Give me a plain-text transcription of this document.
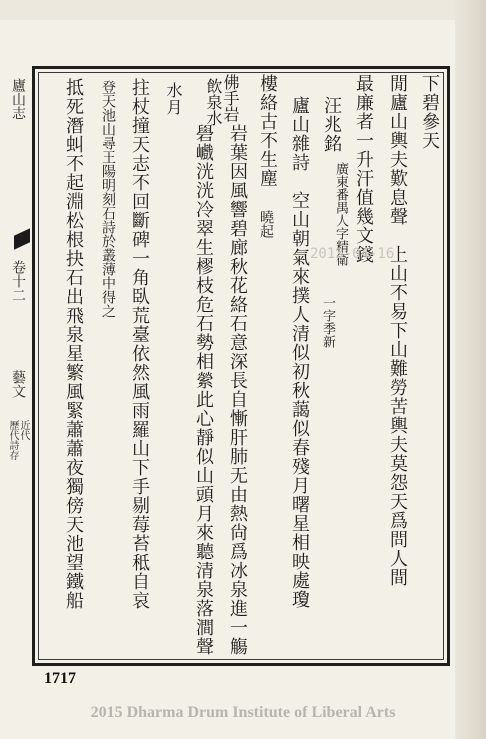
廬山志
卷十二
藝文
歷代詩存 近代
下碧參天
閒廬山輿夫歎息聲　上山不易下山難勞苦輿夫莫怨天爲問人間
最廉者一升汗值幾文錢
汪兆銘
廣東番禺人字精衛
一字季新
廬山雜詩　空山朝氣來撲人清似初秋藹似春殘月曙星相映處瓊
樓絡古不生塵
曉起
佛手岩
飲泉水
岩葉因風響碧廊秋花絡石意深長自慚肝肺无由熱尙爲冰泉進一觴
礐巇洸洸冷翠生樛枝危石勢相縈此心靜似山頭月來聽清泉落澗聲
水月
拄杖撞天志不回斷碑一角臥荒臺依然風雨羅山下手剔莓苔秪自哀
登天池山尋王陽明刻石詩於叢薄中得之
抵死潛虯不起淵松根抉石出飛泉星繁風緊蕭蕭夜獨傍天池望鐵船	2013-04-16
1717
2015 Dharma Drum Institute of Liberal Arts
